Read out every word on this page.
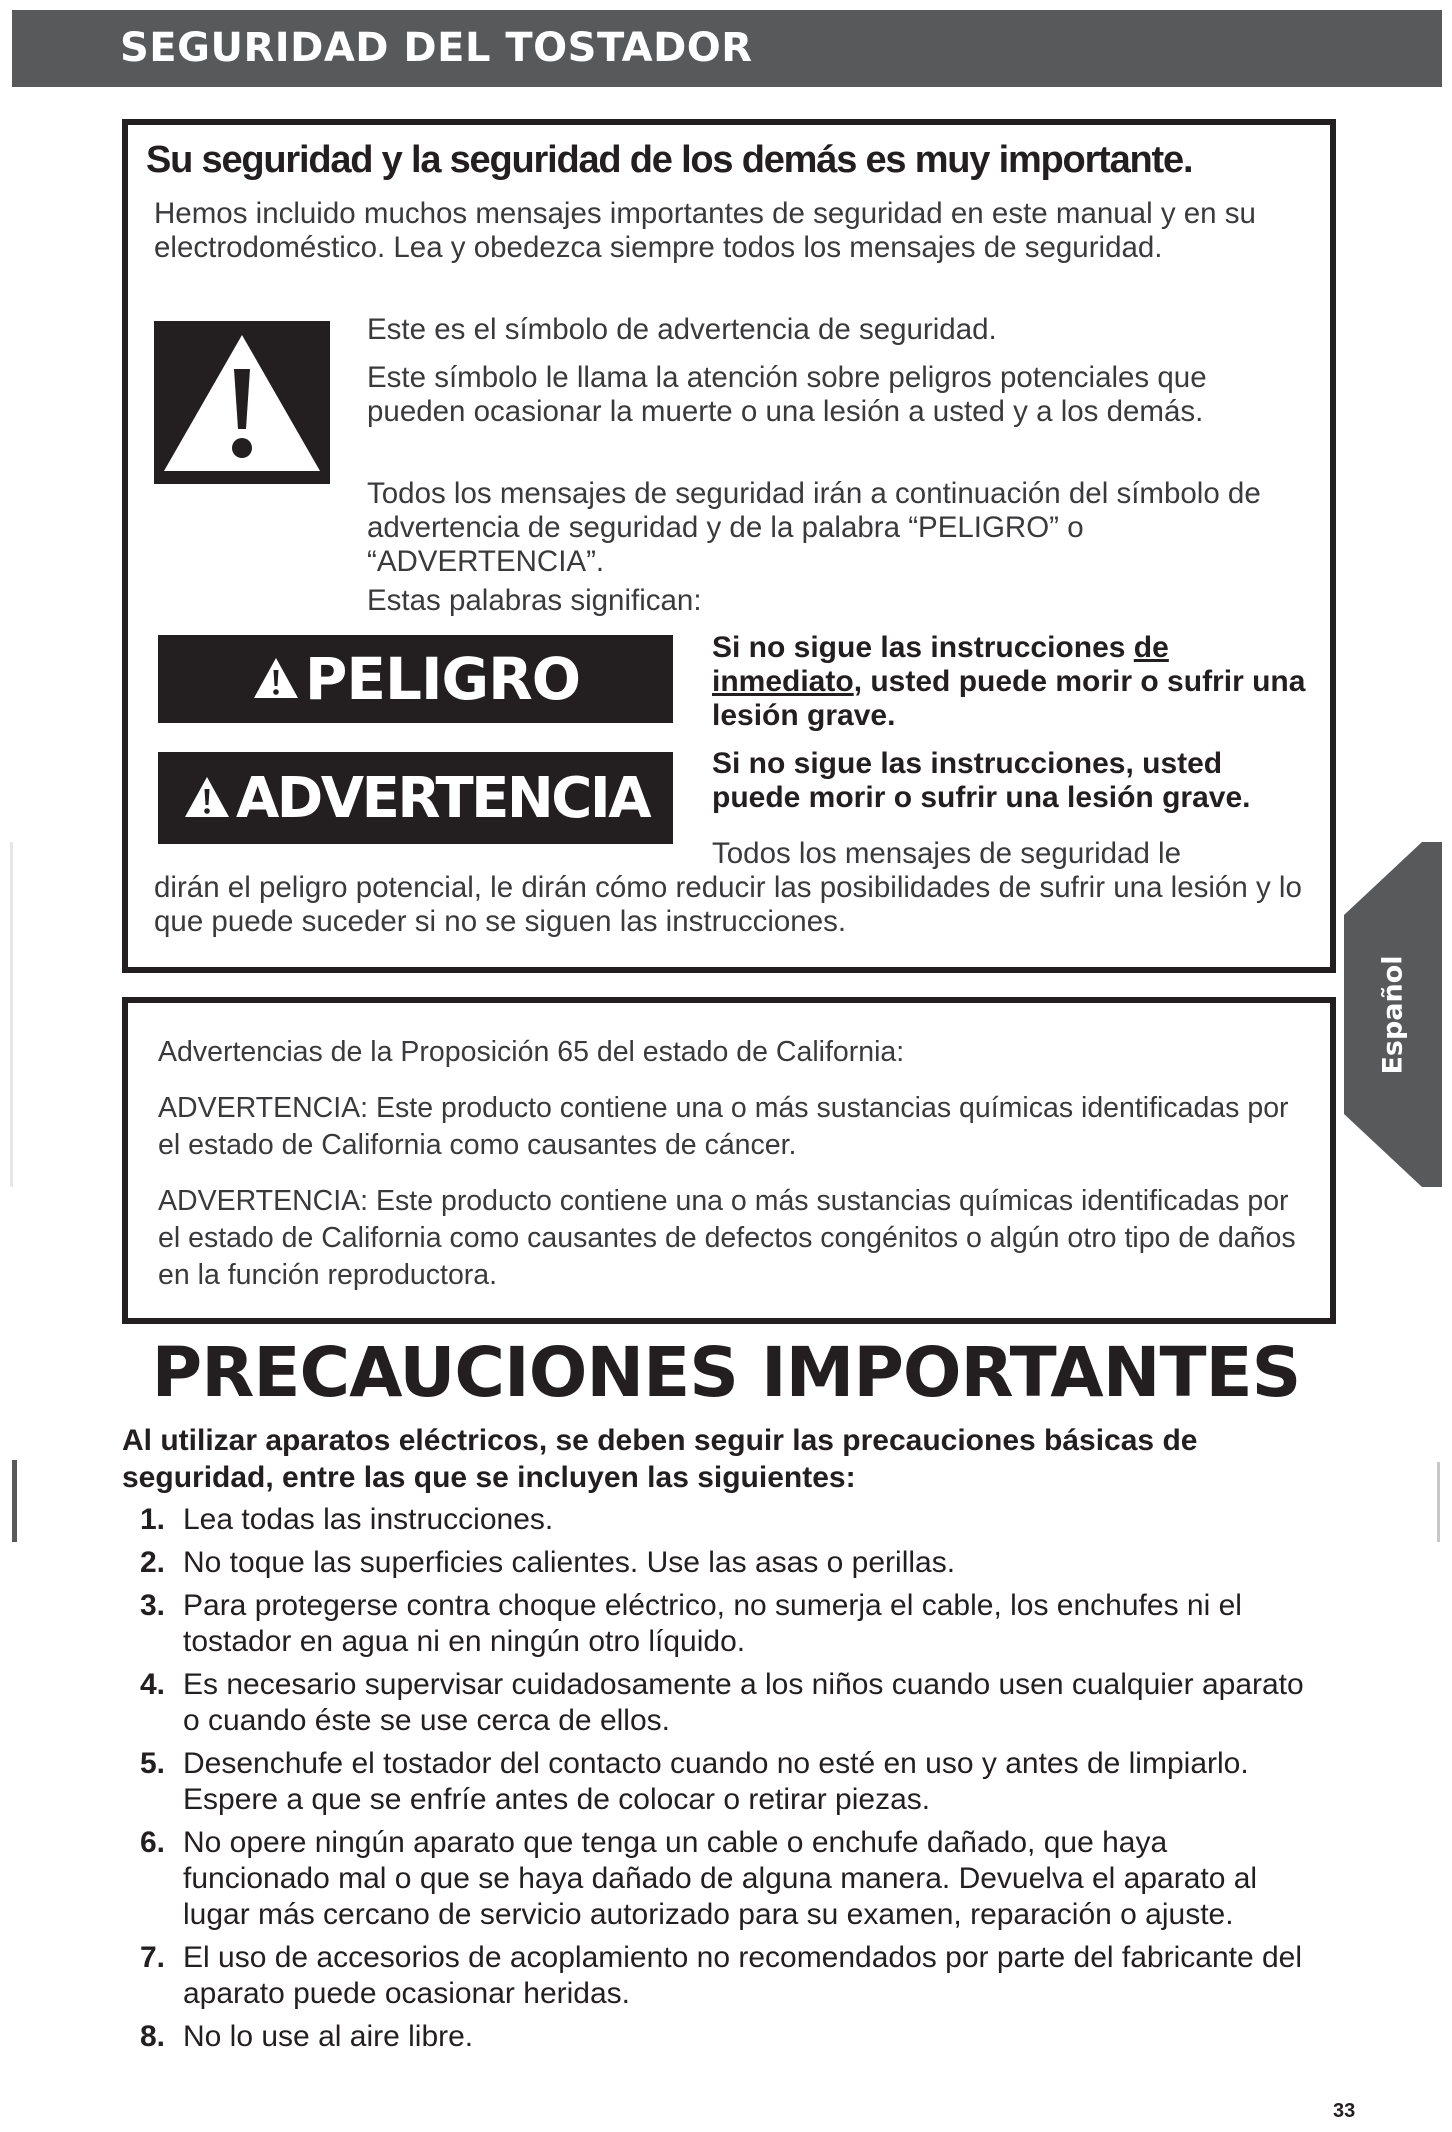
SEGURIDAD DEL TOSTADOR
Su seguridad y la seguridad de los demás es muy importante.
Hemos incluido muchos mensajes importantes de seguridad en este manual y en su electrodoméstico. Lea y obedezca siempre todos los mensajes de seguridad.
Este es el símbolo de advertencia de seguridad.
Este símbolo le llama la atención sobre peligros potenciales que pueden ocasionar la muerte o una lesión a usted y a los demás.
Todos los mensajes de seguridad irán a continuación del símbolo de advertencia de seguridad y de la palabra “PELIGRO” o “ADVERTENCIA”.
Estas palabras significan:
PELIGRO	Si no sigue las instrucciones de inmediato, usted puede morir o sufrir una lesión grave.
ADVERTENCIA
Si no sigue las instrucciones, usted puede morir o sufrir una lesión grave.
Todos los mensajes de seguridad le
dirán el peligro potencial, le dirán cómo reducir las posibilidades de sufrir una lesión y lo que puede suceder si no se siguen las instrucciones.
Advertencias de la Proposición 65 del estado de California:
ADVERTENCIA: Este producto contiene una o más sustancias químicas identificadas por el estado de California como causantes de cáncer.
ADVERTENCIA: Este producto contiene una o más sustancias químicas identificadas por el estado de California como causantes de defectos congénitos o algún otro tipo de daños en la función reproductora.
Español
PRECAUCIONES IMPORTANTES
Al utilizar aparatos eléctricos, se deben seguir las precauciones básicas de seguridad, entre las que se incluyen las siguientes:
1. Lea todas las instrucciones.
2. No toque las superficies calientes. Use las asas o perillas.
3. Para protegerse contra choque eléctrico, no sumerja el cable, los enchufes ni el tostador en agua ni en ningún otro líquido.
4. Es necesario supervisar cuidadosamente a los niños cuando usen cualquier aparato o cuando éste se use cerca de ellos.
5. Desenchufe el tostador del contacto cuando no esté en uso y antes de limpiarlo. Espere a que se enfríe antes de colocar o retirar piezas.
6. No opere ningún aparato que tenga un cable o enchufe dañado, que haya funcionado mal o que se haya dañado de alguna manera. Devuelva el aparato al lugar más cercano de servicio autorizado para su examen, reparación o ajuste.
7. El uso de accesorios de acoplamiento no recomendados por parte del fabricante del aparato puede ocasionar heridas.
8. No lo use al aire libre.
33
